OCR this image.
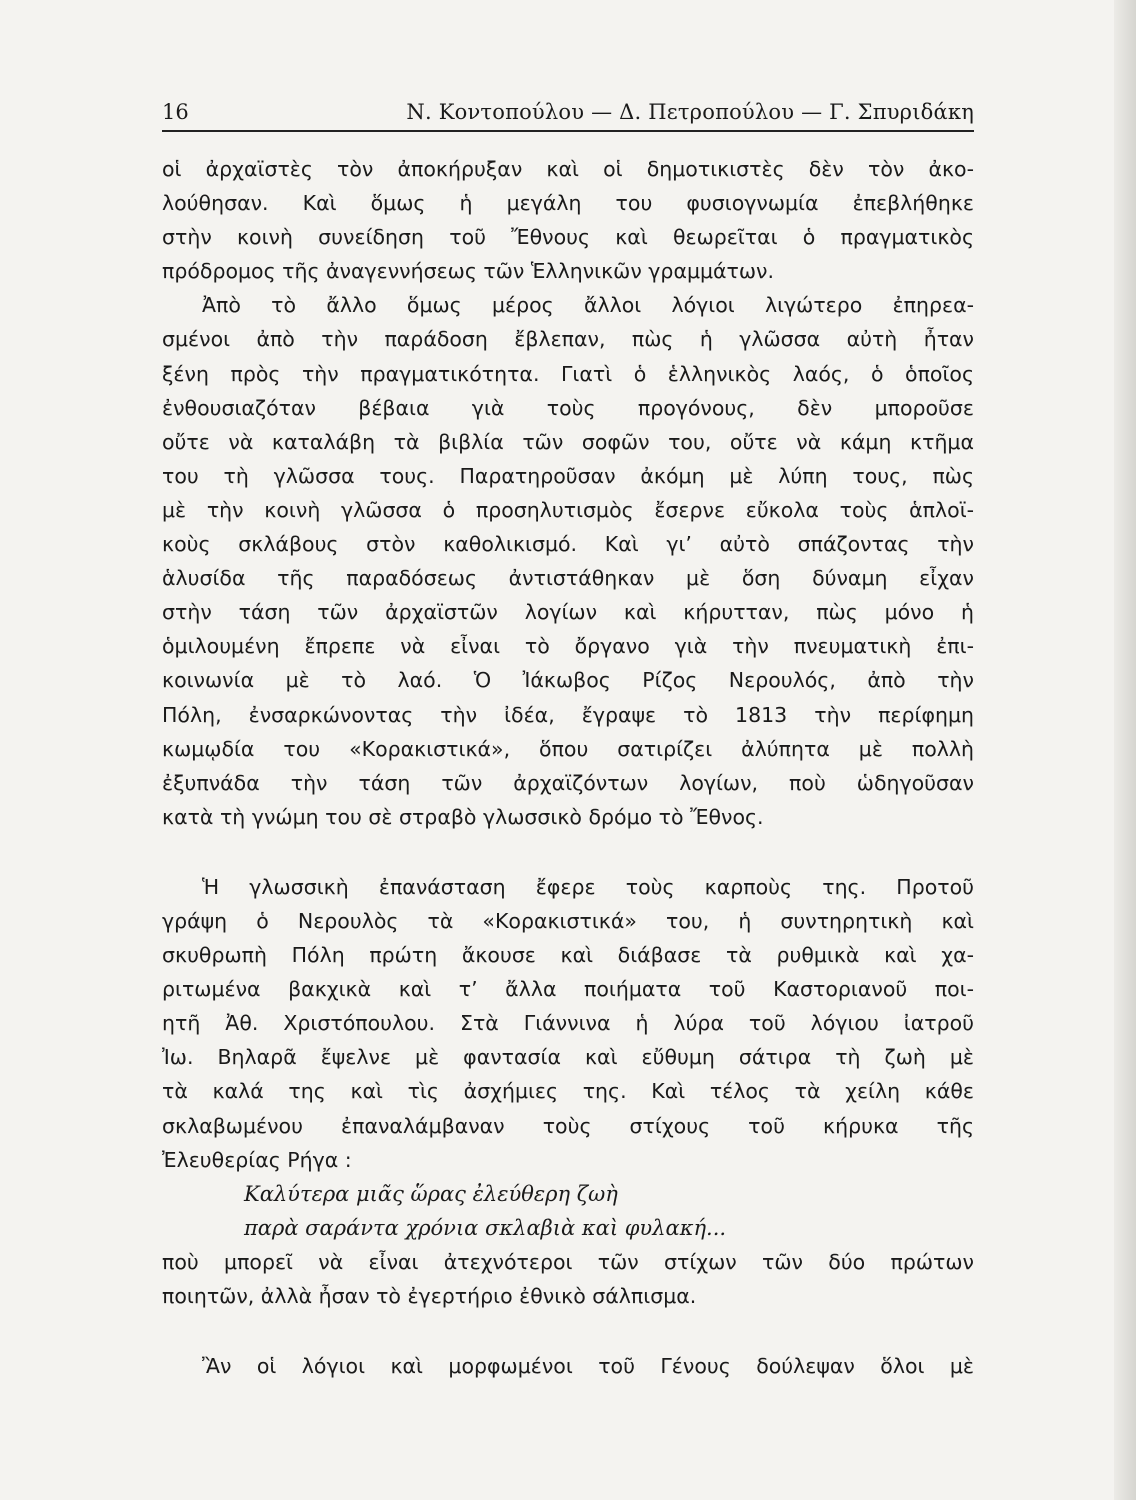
16	Ν. Κοντοπούλου — Δ. Πετροπούλου — Γ. Σπυριδάκη
οἱ ἀρχαϊστὲς τὸν ἀποκήρυξαν καὶ οἱ δημοτικιστὲς δὲν τὸν ἀκο-
λούθησαν. Καὶ ὅμως ἡ μεγάλη του φυσιογνωμία ἐπεβλήθηκε
στὴν κοινὴ συνείδηση τοῦ Ἔθνους καὶ θεωρεῖται ὁ πραγματικὸς
πρόδρομος τῆς ἀναγεννήσεως τῶν Ἑλληνικῶν γραμμάτων.
Ἀπὸ τὸ ἄλλο ὅμως μέρος ἄλλοι λόγιοι λιγώτερο ἐπηρεα-
σμένοι ἀπὸ τὴν παράδοση ἔβλεπαν, πὼς ἡ γλῶσσα αὐτὴ ἦταν
ξένη πρὸς τὴν πραγματικότητα. Γιατὶ ὁ ἑλληνικὸς λαός, ὁ ὁποῖος
ἐνθουσιαζόταν βέβαια γιὰ τοὺς προγόνους, δὲν μποροῦσε
οὔτε νὰ καταλάβη τὰ βιβλία τῶν σοφῶν του, οὔτε νὰ κάμη κτῆμα
του τὴ γλῶσσα τους. Παρατηροῦσαν ἀκόμη μὲ λύπη τους, πὼς
μὲ τὴν κοινὴ γλῶσσα ὁ προσηλυτισμὸς ἔσερνε εὔκολα τοὺς ἁπλοϊ-
κοὺς σκλάβους στὸν καθολικισμό. Καὶ γι’ αὐτὸ σπάζοντας τὴν
ἁλυσίδα τῆς παραδόσεως ἀντιστάθηκαν μὲ ὅση δύναμη εἶχαν
στὴν τάση τῶν ἀρχαϊστῶν λογίων καὶ κήρυτταν, πὼς μόνο ἡ
ὁμιλουμένη ἔπρεπε νὰ εἶναι τὸ ὄργανο γιὰ τὴν πνευματικὴ ἐπι-
κοινωνία μὲ τὸ λαό. Ὁ Ἰάκωβος Ρίζος Νερουλός, ἀπὸ τὴν
Πόλη, ἐνσαρκώνοντας τὴν ἰδέα, ἔγραψε τὸ 1813 τὴν περίφημη
κωμῳδία του «Κορακιστικά», ὅπου σατιρίζει ἀλύπητα μὲ πολλὴ
ἐξυπνάδα τὴν τάση τῶν ἀρχαϊζόντων λογίων, ποὺ ὡδηγοῦσαν
κατὰ τὴ γνώμη του σὲ στραβὸ γλωσσικὸ δρόμο τὸ Ἔθνος.
Ἡ γλωσσικὴ ἐπανάσταση ἔφερε τοὺς καρποὺς της. Προτοῦ
γράψη ὁ Νερουλὸς τὰ «Κορακιστικά» του, ἡ συντηρητικὴ καὶ
σκυθρωπὴ Πόλη πρώτη ἄκουσε καὶ διάβασε τὰ ρυθμικὰ καὶ χα-
ριτωμένα βακχικὰ καὶ τ’ ἄλλα ποιήματα τοῦ Καστοριανοῦ ποι-
ητῆ Ἀθ. Χριστόπουλου. Στὰ Γιάννινα ἡ λύρα τοῦ λόγιου ἰατροῦ
Ἰω. Βηλαρᾶ ἔψελνε μὲ φαντασία καὶ εὔθυμη σάτιρα τὴ ζωὴ μὲ
τὰ καλά της καὶ τὶς ἀσχήμιες της. Καὶ τέλος τὰ χείλη κάθε
σκλαβωμένου ἐπαναλάμβαναν τοὺς στίχους τοῦ κήρυκα τῆς
Ἐλευθερίας Ρήγα :
Καλύτερα μιᾶς ὥρας ἐλεύθερη ζωὴ
παρὰ σαράντα χρόνια σκλαβιὰ καὶ φυλακή...
ποὺ μπορεῖ νὰ εἶναι ἀτεχνότεροι τῶν στίχων τῶν δύο πρώτων
ποιητῶν, ἀλλὰ ἦσαν τὸ ἐγερτήριο ἐθνικὸ σάλπισμα.
Ἂν οἱ λόγιοι καὶ μορφωμένοι τοῦ Γένους δούλεψαν ὅλοι μὲ
